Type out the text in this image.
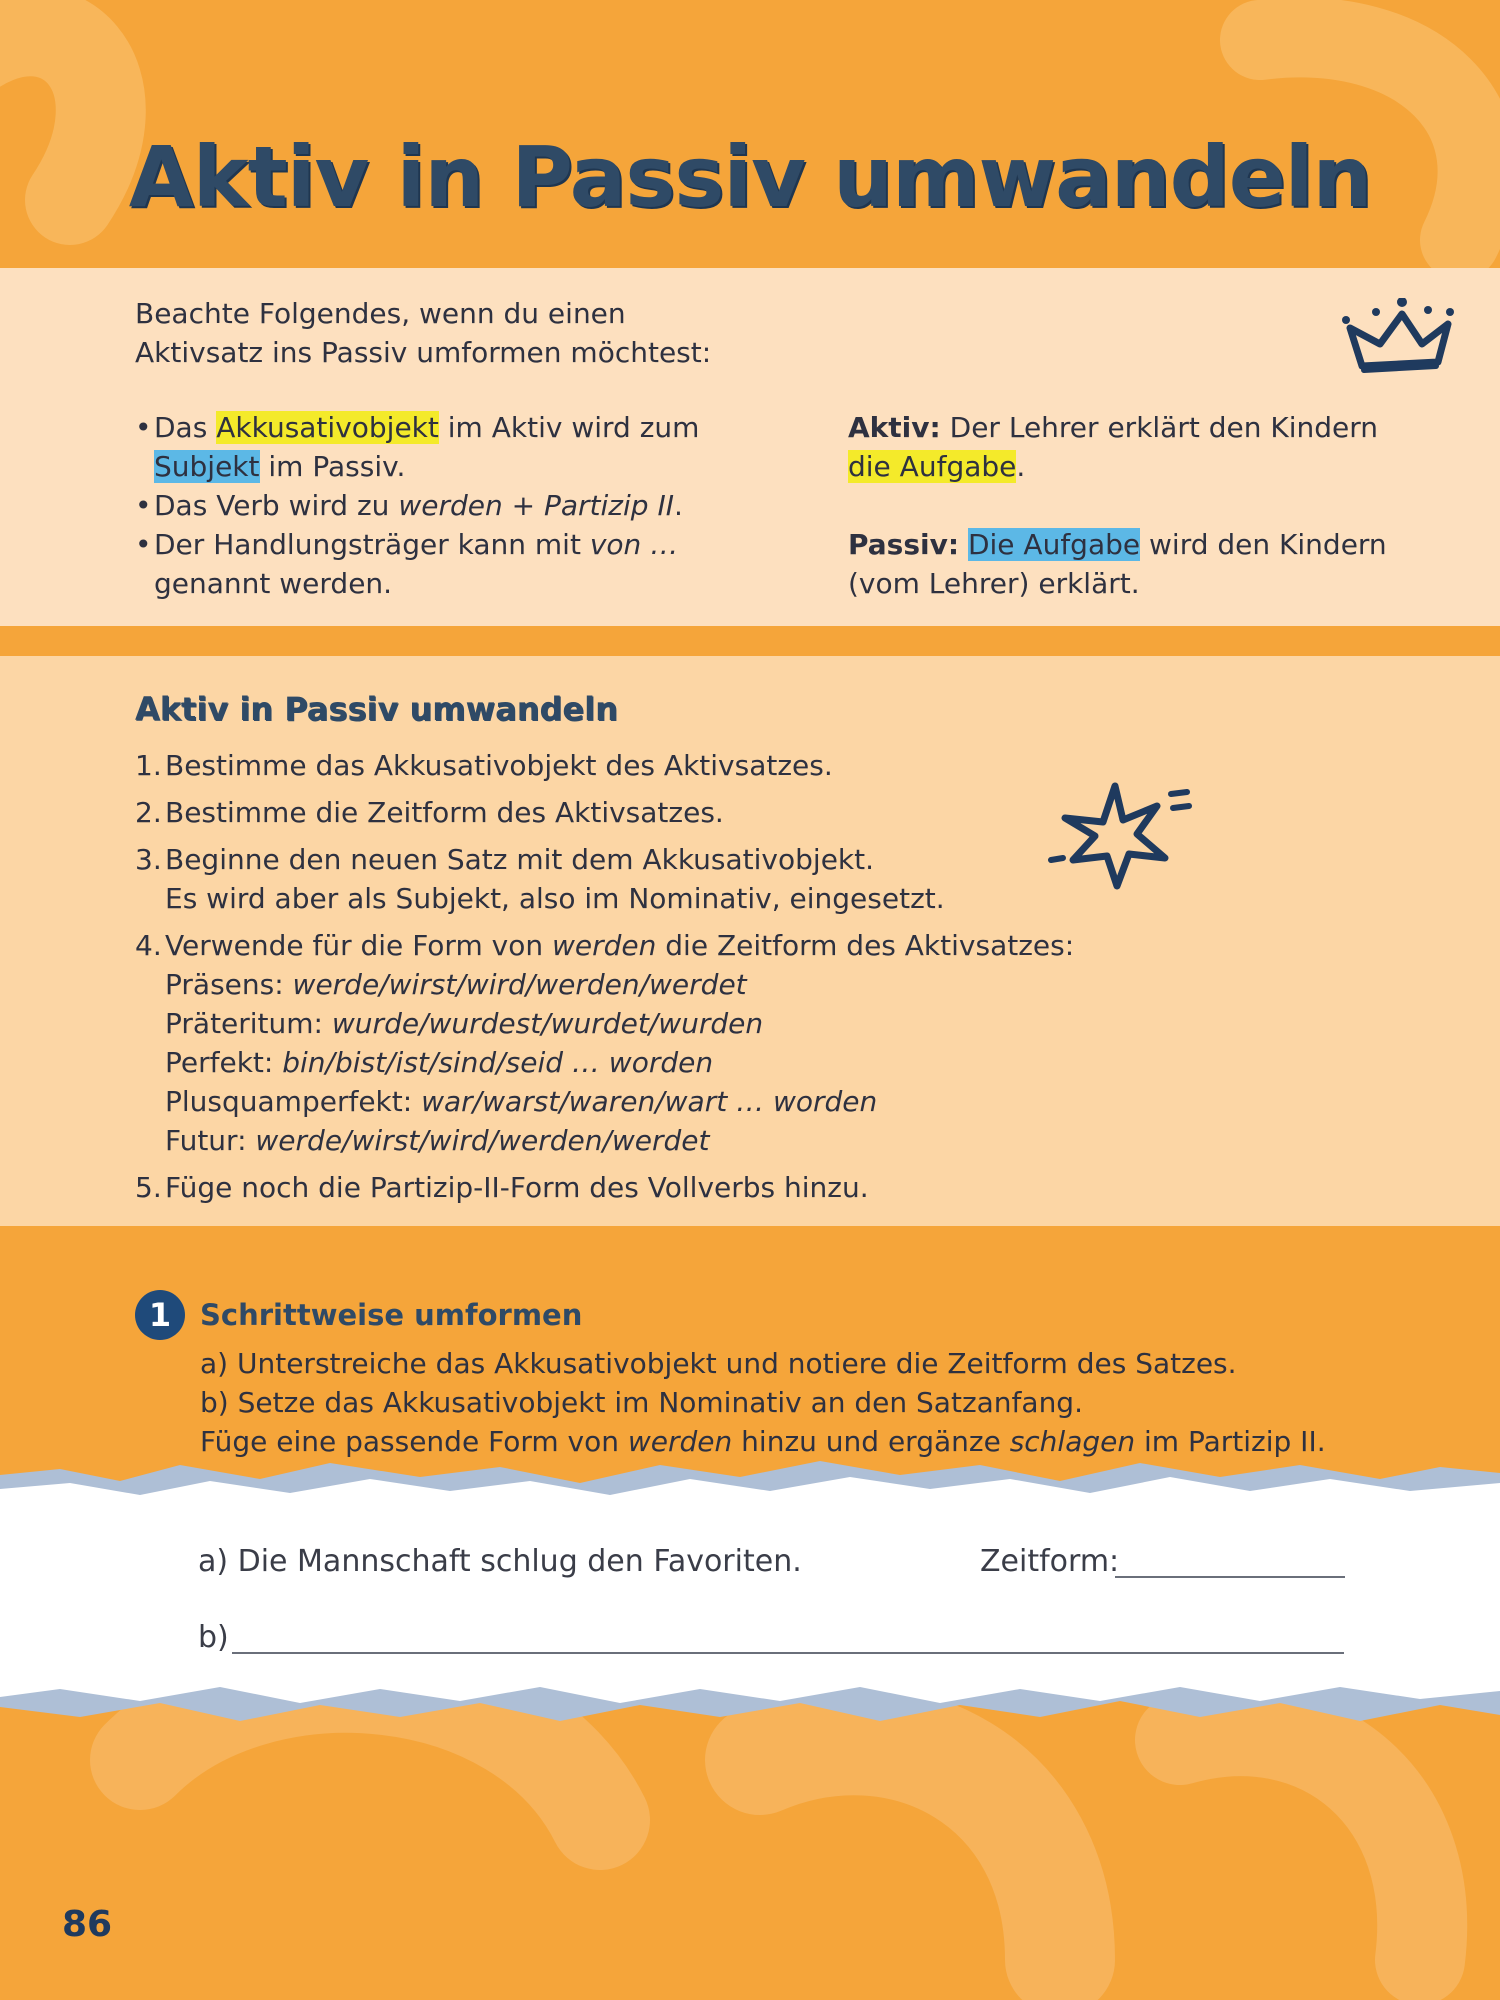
Aktiv in Passiv umwandeln
Beachte Folgendes, wenn du einen
Aktivsatz ins Passiv umformen möchtest:
• Das Akkusativobjekt im Aktiv wird zum Subjekt im Passiv.
• Das Verb wird zu werden + Partizip II.
• Der Handlungsträger kann mit von … genannt werden.

Aktiv: Der Lehrer erklärt den Kindern die Aufgabe.

Passiv: Die Aufgabe wird den Kindern (vom Lehrer) erklärt.

Aktiv in Passiv umwandeln
1. Bestimme das Akkusativobjekt des Aktivsatzes.
2. Bestimme die Zeitform des Aktivsatzes.
3. Beginne den neuen Satz mit dem Akkusativobjekt.
Es wird aber als Subjekt, also im Nominativ, eingesetzt.
4. Verwende für die Form von werden die Zeitform des Aktivsatzes:
Präsens: werde/wirst/wird/werden/werdet
Präteritum: wurde/wurdest/wurdet/wurden
Perfekt: bin/bist/ist/sind/seid … worden
Plusquamperfekt: war/warst/waren/wart … worden
Futur: werde/wirst/wird/werden/werdet
5. Füge noch die Partizip-II-Form des Vollverbs hinzu.
1 Schrittweise umformen
a) Unterstreiche das Akkusativobjekt und notiere die Zeitform des Satzes.
b) Setze das Akkusativobjekt im Nominativ an den Satzanfang.
Füge eine passende Form von werden hinzu und ergänze schlagen im Partizip II.
a) Die Mannschaft schlug den Favoriten.	Zeitform:
b)
86
